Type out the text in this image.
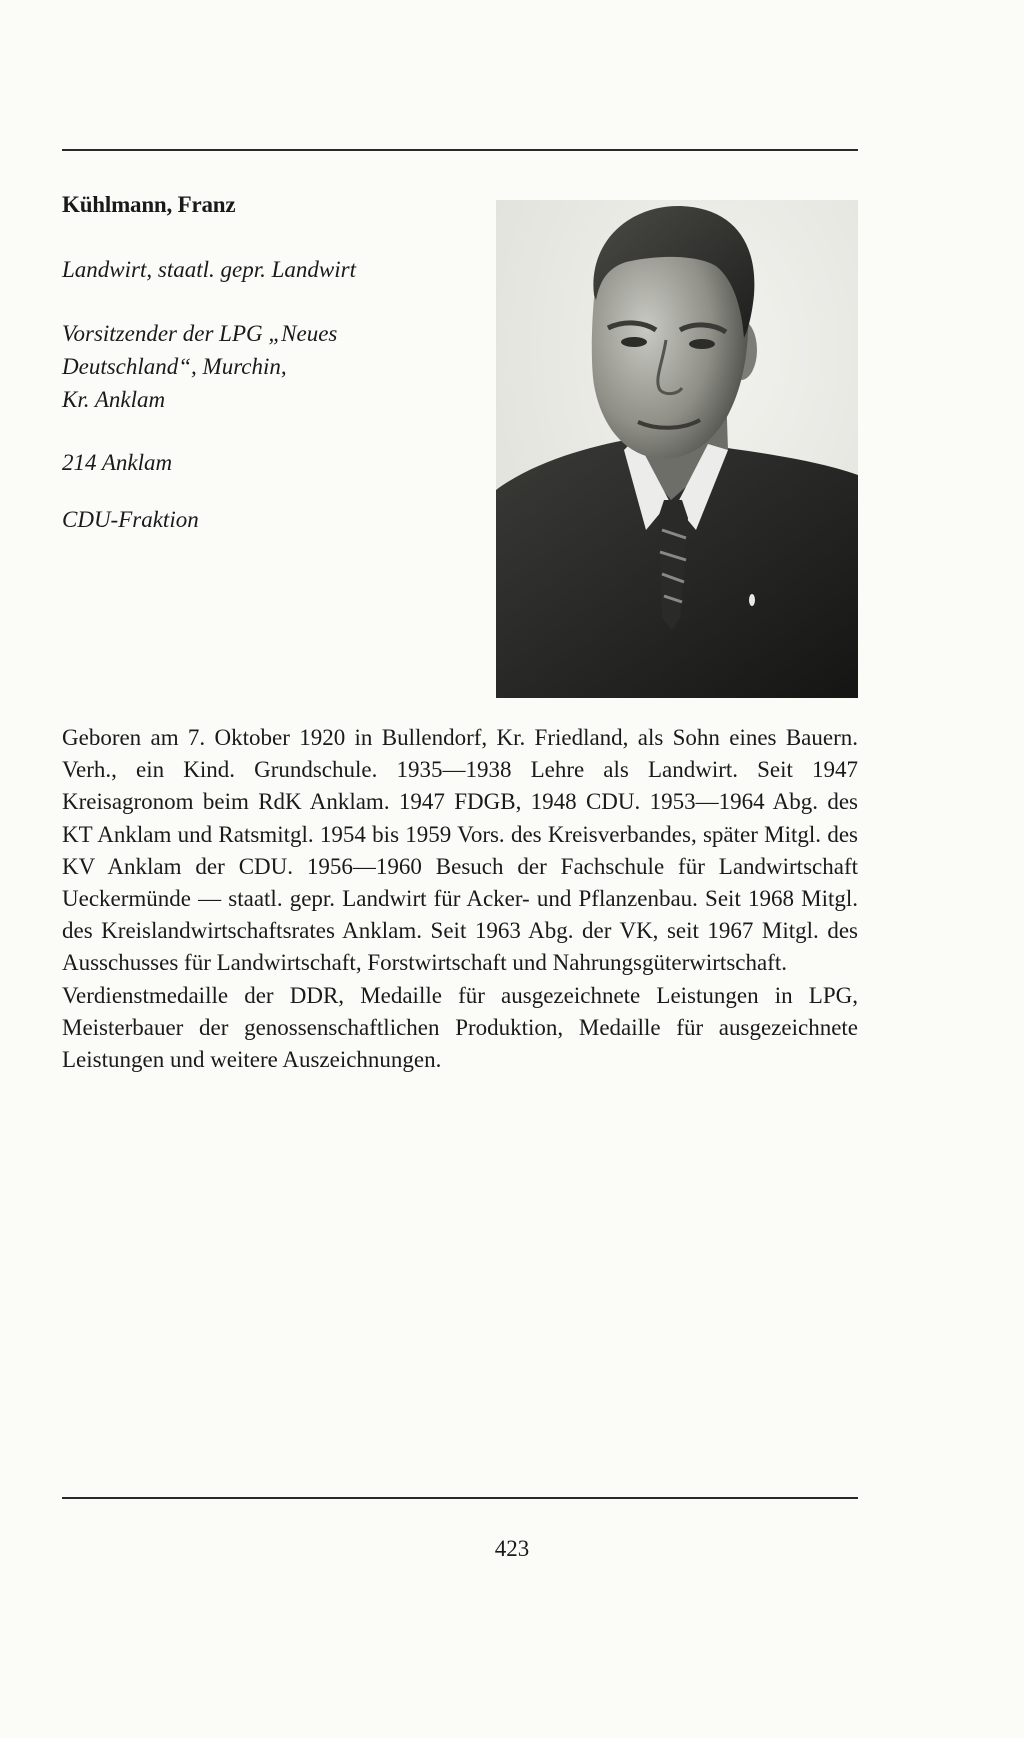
Kühlmann, Franz
Landwirt, staatl. gepr. Landwirt
Vorsitzender der LPG „Neues
Deutschland“, Murchin,
Kr. Anklam
214 Anklam
CDU-Fraktion

Geboren am 7. Oktober 1920 in Bullendorf, Kr. Friedland, als Sohn eines Bauern. Verh., ein Kind. Grundschule. 1935—1938 Lehre als Landwirt. Seit 1947 Kreisagronom beim RdK Anklam. 1947 FDGB, 1948 CDU. 1953—1964 Abg. des KT Anklam und Ratsmitgl. 1954 bis 1959 Vors. des Kreisverbandes, später Mitgl. des KV Anklam der CDU. 1956—1960 Besuch der Fachschule für Landwirtschaft Ueckermünde — staatl. gepr. Landwirt für Acker- und Pflanzenbau. Seit 1968 Mitgl. des Kreislandwirtschaftsrates Anklam. Seit 1963 Abg. der VK, seit 1967 Mitgl. des Ausschusses für Landwirtschaft, Forstwirtschaft und Nahrungsgüterwirtschaft.

Verdienstmedaille der DDR, Medaille für ausgezeichnete Leistungen in LPG, Meisterbauer der genossenschaftlichen Produktion, Medaille für ausgezeichnete Leistungen und weitere Auszeichnungen.

423
